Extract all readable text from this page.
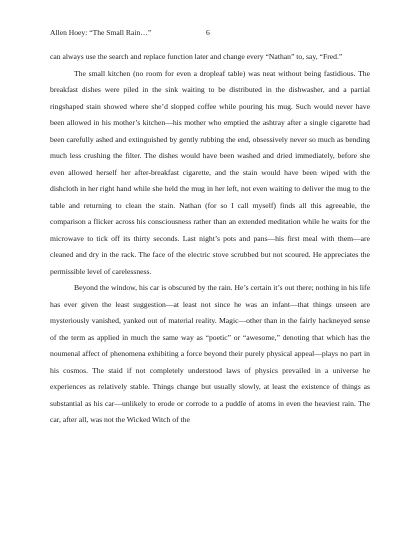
Allen Hoey: “The Small Rain…”	6

can always use the search and replace function later and change every “Nathan” to, say, “Fred.”

The small kitchen (no room for even a dropleaf table) was neat without being fastidious. The breakfast dishes were piled in the sink waiting to be distributed in the dishwasher, and a partial ringshaped stain showed where she’d slopped coffee while pouring his mug. Such would never have been allowed in his mother’s kitchen—his mother who emptied the ashtray after a single cigarette had been carefully ashed and extinguished by gently rubbing the end, obsessively never so much as bending much less crushing the filter. The dishes would have been washed and dried immediately, before she even allowed herself her after-breakfast cigarette, and the stain would have been wiped with the dishcloth in her right hand while she held the mug in her left, not even waiting to deliver the mug to the table and returning to clean the stain. Nathan (for so I call myself) finds all this agreeable, the comparison a flicker across his consciousness rather than an extended meditation while he waits for the microwave to tick off its thirty seconds. Last night’s pots and pans—his first meal with them—are cleaned and dry in the rack. The face of the electric stove scrubbed but not scoured. He appreciates the permissible level of carelessness.

Beyond the window, his car is obscured by the rain. He’s certain it’s out there; nothing in his life has ever given the least suggestion—at least not since he was an infant—that things unseen are mysteriously vanished, yanked out of material reality. Magic—other than in the fairly hackneyed sense of the term as applied in much the same way as “poetic” or “awesome,” denoting that which has the noumenal affect of phenomena exhibiting a force beyond their purely physical appeal—plays no part in his cosmos. The staid if not completely understood laws of physics prevailed in a universe he experiences as relatively stable. Things change but usually slowly, at least the existence of things as substantial as his car—unlikely to erode or corrode to a puddle of atoms in even the heaviest rain. The car, after all, was not the Wicked Witch of the
